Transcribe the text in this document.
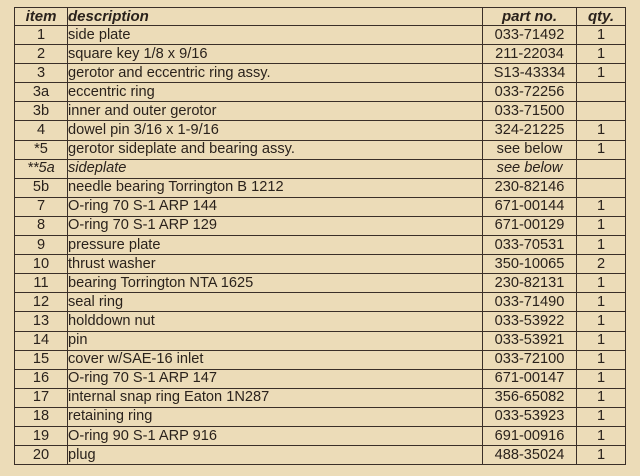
item	description	part no.	qty.
1	side plate	033-71492	1
2	square key 1/8 x 9/16	211-22034	1
3	gerotor and eccentric ring assy.	S13-43334	1
3a	eccentric ring	033-72256	
3b	inner and outer gerotor	033-71500	
4	dowel pin 3/16 x 1-9/16	324-21225	1
*5	gerotor sideplate and bearing assy.	see below	1
**5a	sideplate	see below	
5b	needle bearing Torrington B 1212	230-82146	
7	O-ring 70 S-1 ARP 144	671-00144	1
8	O-ring 70 S-1 ARP 129	671-00129	1
9	pressure plate	033-70531	1
10	thrust washer	350-10065	2
11	bearing Torrington NTA 1625	230-82131	1
12	seal ring	033-71490	1
13	holddown nut	033-53922	1
14	pin	033-53921	1
15	cover w/SAE-16 inlet	033-72100	1
16	O-ring 70 S-1 ARP 147	671-00147	1
17	internal snap ring Eaton 1N287	356-65082	1
18	retaining ring	033-53923	1
19	O-ring 90 S-1 ARP 916	691-00916	1
20	plug	488-35024	1
